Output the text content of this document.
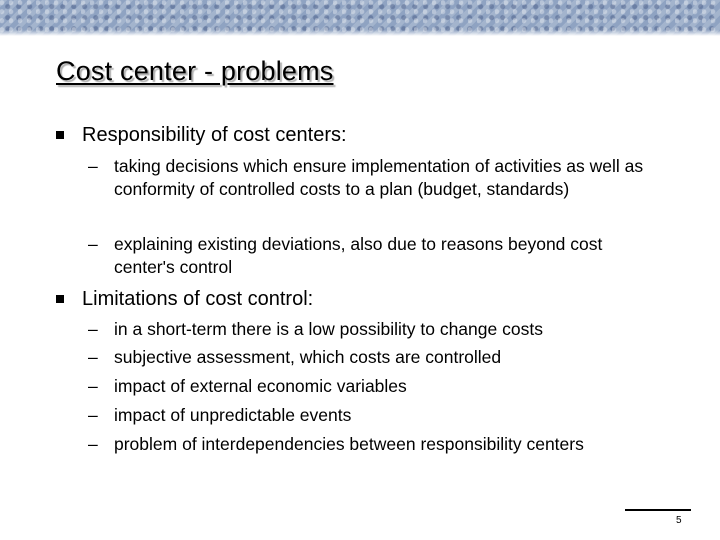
Cost center - problems
Responsibility of cost centers:
– taking decisions which ensure implementation of activities as well as conformity of controlled costs to a plan (budget, standards)
– explaining existing deviations, also due to reasons beyond cost center's control
Limitations of cost control:
– in a short-term there is a low possibility to change costs
– subjective assessment, which costs are controlled
– impact of external economic variables
– impact of unpredictable events
– problem of interdependencies between responsibility centers
5
